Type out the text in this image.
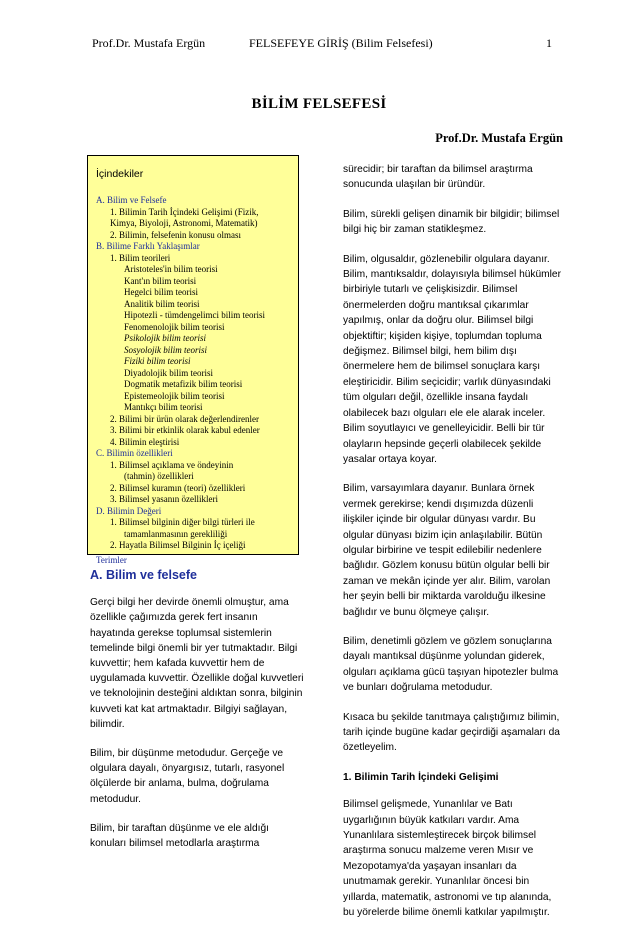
Prof.Dr. Mustafa Ergün	FELSEFEYE GİRİŞ (Bilim Felsefesi)	1
BİLİM FELSEFESİ
Prof.Dr. Mustafa Ergün
İçindekiler
A. Bilim ve Felsefe
1. Bilimin Tarih İçindeki Gelişimi (Fizik,
Kimya, Biyoloji, Astronomi, Matematik)
2. Bilimin, felsefenin konusu olması
B. Bilime Farklı Yaklaşımlar
1. Bilim teorileri
Aristoteles'in bilim teorisi
Kant'ın bilim teorisi
Hegelci bilim teorisi
Analitik bilim teorisi
Hipotezli - tümdengelimci bilim teorisi
Fenomenolojik bilim teorisi
Psikolojik bilim teorisi
Sosyolojik bilim teorisi
Fiziki bilim teorisi
Diyadolojik bilim teorisi
Dogmatik metafizik bilim teorisi
Epistemeolojik bilim teorisi
Mantıkçı bilim teorisi
2. Bilimi bir ürün olarak değerlendirenler
3. Bilimi bir etkinlik olarak kabul edenler
4. Bilimin eleştirisi
C. Bilimin özellikleri
1. Bilimsel açıklama ve öndeyinin
(tahmin) özellikleri
2. Bilimsel kuramın (teori) özellikleri
3. Bilimsel yasanın özellikleri
D. Bilimin Değeri
1. Bilimsel bilginin diğer bilgi türleri ile
tamamlanmasının gerekliliği
2. Hayatla Bilimsel Bilginin İç içeliği
Terimler
A. Bilim ve felsefe

Gerçi bilgi her devirde önemli olmuştur, ama özellikle çağımızda gerek fert insanın hayatında gerekse toplumsal sistemlerin temelinde bilgi önemli bir yer tutmaktadır. Bilgi kuvvettir; hem kafada kuvvettir hem de uygulamada kuvvettir. Özellikle doğal kuvvetleri ve teknolojinin desteğini aldıktan sonra, bilginin kuvveti kat kat artmaktadır. Bilgiyi sağlayan, bilimdir.

Bilim, bir düşünme metodudur. Gerçeğe ve olgulara dayalı, önyargısız, tutarlı, rasyonel ölçülerde bir anlama, bulma, doğrulama metodudur.

Bilim, bir taraftan düşünme ve ele aldığı konuları bilimsel metodlarla araştırma

sürecidir; bir taraftan da bilimsel araştırma sonucunda ulaşılan bir üründür.

Bilim, sürekli gelişen dinamik bir bilgidir; bilimsel bilgi hiç bir zaman statikleşmez.

Bilim, olgusaldır, gözlenebilir olgulara dayanır. Bilim, mantıksaldır, dolayısıyla bilimsel hükümler birbiriyle tutarlı ve çelişkisizdir. Bilimsel önermelerden doğru mantıksal çıkarımlar yapılmış, onlar da doğru olur. Bilimsel bilgi objektiftir; kişiden kişiye, toplumdan topluma değişmez. Bilimsel bilgi, hem bilim dışı önermelere hem de bilimsel sonuçlara karşı eleştiricidir. Bilim seçicidir; varlık dünyasındaki tüm olguları değil, özellikle insana faydalı olabilecek bazı olguları ele ele alarak inceler. Bilim soyutlayıcı ve genelleyicidir. Belli bir tür olayların hepsinde geçerli olabilecek şekilde yasalar ortaya koyar.

Bilim, varsayımlara dayanır. Bunlara örnek vermek gerekirse; kendi dışımızda düzenli ilişkiler içinde bir olgular dünyası vardır. Bu olgular dünyası bizim için anlaşılabilir. Bütün olgular birbirine ve tespit edilebilir nedenlere bağlıdır. Gözlem konusu bütün olgular belli bir zaman ve mekân içinde yer alır. Bilim, varolan her şeyin belli bir miktarda varolduğu ilkesine bağlıdır ve bunu ölçmeye çalışır.

Bilim, denetimli gözlem ve gözlem sonuçlarına dayalı mantıksal düşünme yolundan giderek, olguları açıklama gücü taşıyan hipotezler bulma ve bunları doğrulama metodudur.

Kısaca bu şekilde tanıtmaya çalıştığımız bilimin, tarih içinde bugüne kadar geçirdiği aşamaları da özetleyelim.

1. Bilimin Tarih İçindeki Gelişimi

Bilimsel gelişmede, Yunanlılar ve Batı uygarlığının büyük katkıları vardır. Ama Yunanlılara sistemleştirecek birçok bilimsel araştırma sonucu malzeme veren Mısır ve Mezopotamya'da yaşayan insanları da unutmamak gerekir. Yunanlılar öncesi bin yıllarda, matematik, astronomi ve tıp alanında, bu yörelerde bilime önemli katkılar yapılmıştır.
